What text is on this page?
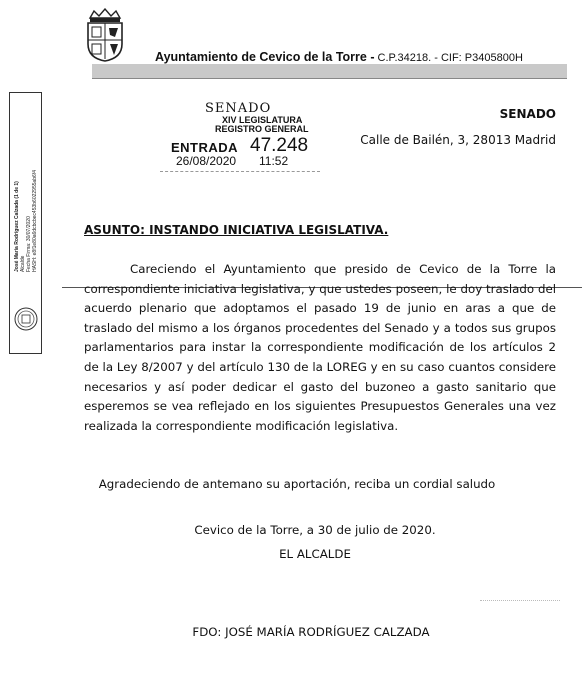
Ayuntamiento de Cevico de la Torre - C.P.34218. - CIF: P3405800H
José María Rodríguez Calzada (1 de 1) Alcalde Fecha Firma: 30/07/2020 HASH: e8f1e80a6dcbcbec453b6022955ab6f4
SENADO
XIV LEGISLATURA
REGISTRO GENERAL
ENTRADA 47.248
26/08/2020 11:52
SENADO
Calle de Bailén, 3, 28013 Madrid
ASUNTO: INSTANDO INICIATIVA LEGISLATIVA.
Careciendo el Ayuntamiento que presido de Cevico de la Torre la correspondiente iniciativa legislativa, y que ustedes poseen, le doy traslado del acuerdo plenario que adoptamos el pasado 19 de junio en aras a que de traslado del mismo a los órganos procedentes del Senado y a todos sus grupos parlamentarios para instar la correspondiente modificación de los artículos 2 de la Ley 8/2007 y del artículo 130 de la LOREG y en su caso cuantos considere necesarios y así poder dedicar el gasto del buzoneo a gasto sanitario que esperemos se vea reflejado en los siguientes Presupuestos Generales una vez realizada la correspondiente modificación legislativa.
Agradeciendo de antemano su aportación, reciba un cordial saludo
Cevico de la Torre, a 30 de julio de 2020.
EL ALCALDE
FDO: JOSÉ MARÍA RODRÍGUEZ CALZADA
